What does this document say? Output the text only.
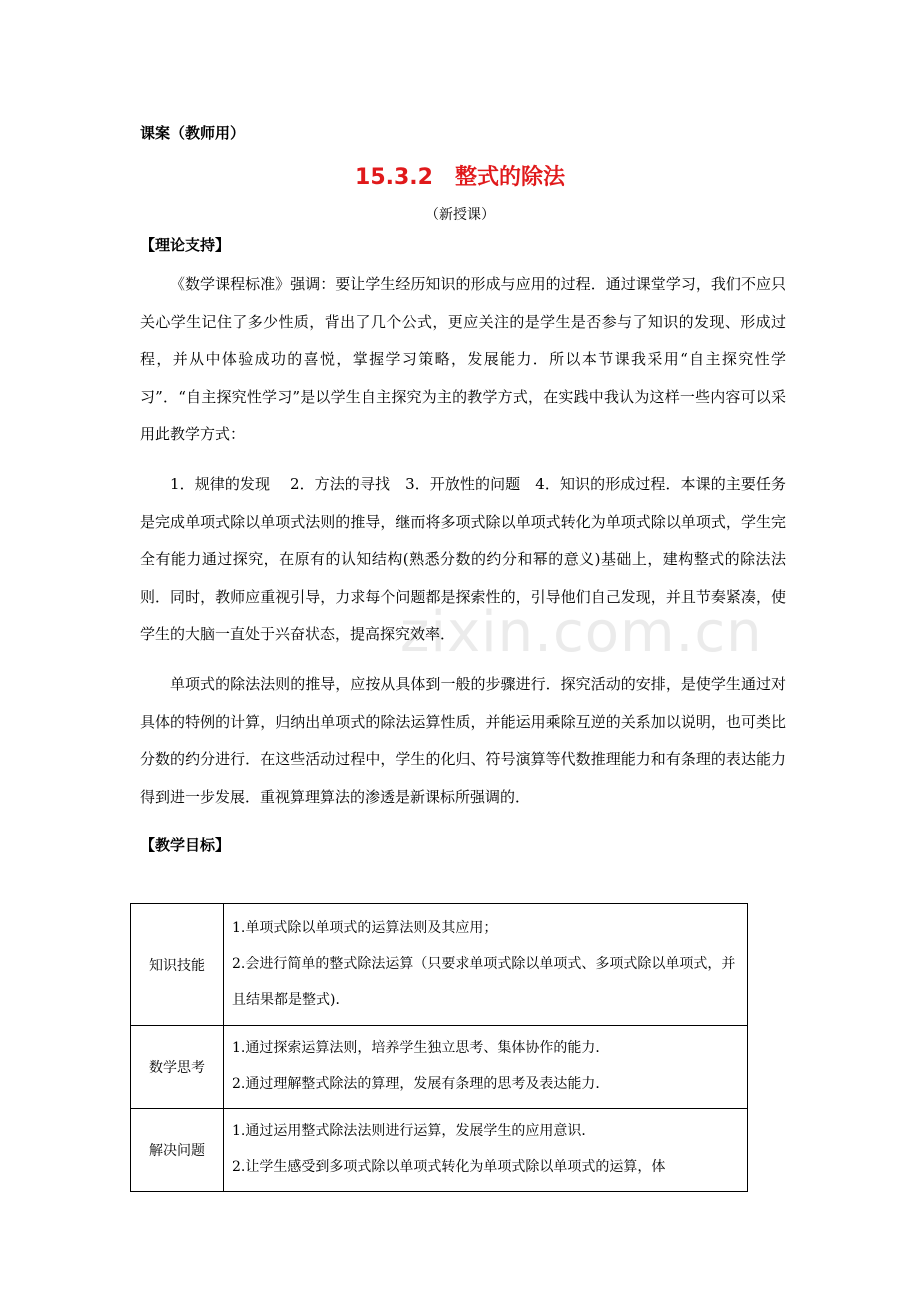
zixin.com.cn
课案（教师用）
15.3.2　整式的除法
（新授课）
【理论支持】

《数学课程标准》强调：要让学生经历知识的形成与应用的过程．通过课堂学习，我们不应只关心学生记住了多少性质，背出了几个公式，更应关注的是学生是否参与了知识的发现、形成过程，并从中体验成功的喜悦，掌握学习策略，发展能力．所以本节课我采用“自主探究性学习”．“自主探究性学习”是以学生自主探究为主的教学方式，在实践中我认为这样一些内容可以采用此教学方式：

1．规律的发现　 2．方法的寻找　3．开放性的问题　4．知识的形成过程．本课的主要任务是完成单项式除以单项式法则的推导，继而将多项式除以单项式转化为单项式除以单项式，学生完全有能力通过探究，在原有的认知结构(熟悉分数的约分和幂的意义)基础上，建构整式的除法法则．同时，教师应重视引导，力求每个问题都是探索性的，引导他们自己发现，并且节奏紧凑，使学生的大脑一直处于兴奋状态，提高探究效率．

单项式的除法法则的推导，应按从具体到一般的步骤进行．探究活动的安排，是使学生通过对具体的特例的计算，归纳出单项式的除法运算性质，并能运用乘除互逆的关系加以说明，也可类比分数的约分进行．在这些活动过程中，学生的化归、符号演算等代数推理能力和有条理的表达能力得到进一步发展．重视算理算法的渗透是新课标所强调的．

【教学目标】
知识技能	1.单项式除以单项式的运算法则及其应用；
2.会进行简单的整式除法运算（只要求单项式除以单项式、多项式除以单项式，并且结果都是整式)．

数学思考	1.通过探索运算法则，培养学生独立思考、集体协作的能力．
2.通过理解整式除法的算理，发展有条理的思考及表达能力．

解决问题	1.通过运用整式除法法则进行运算，发展学生的应用意识．
2.让学生感受到多项式除以单项式转化为单项式除以单项式的运算，体
